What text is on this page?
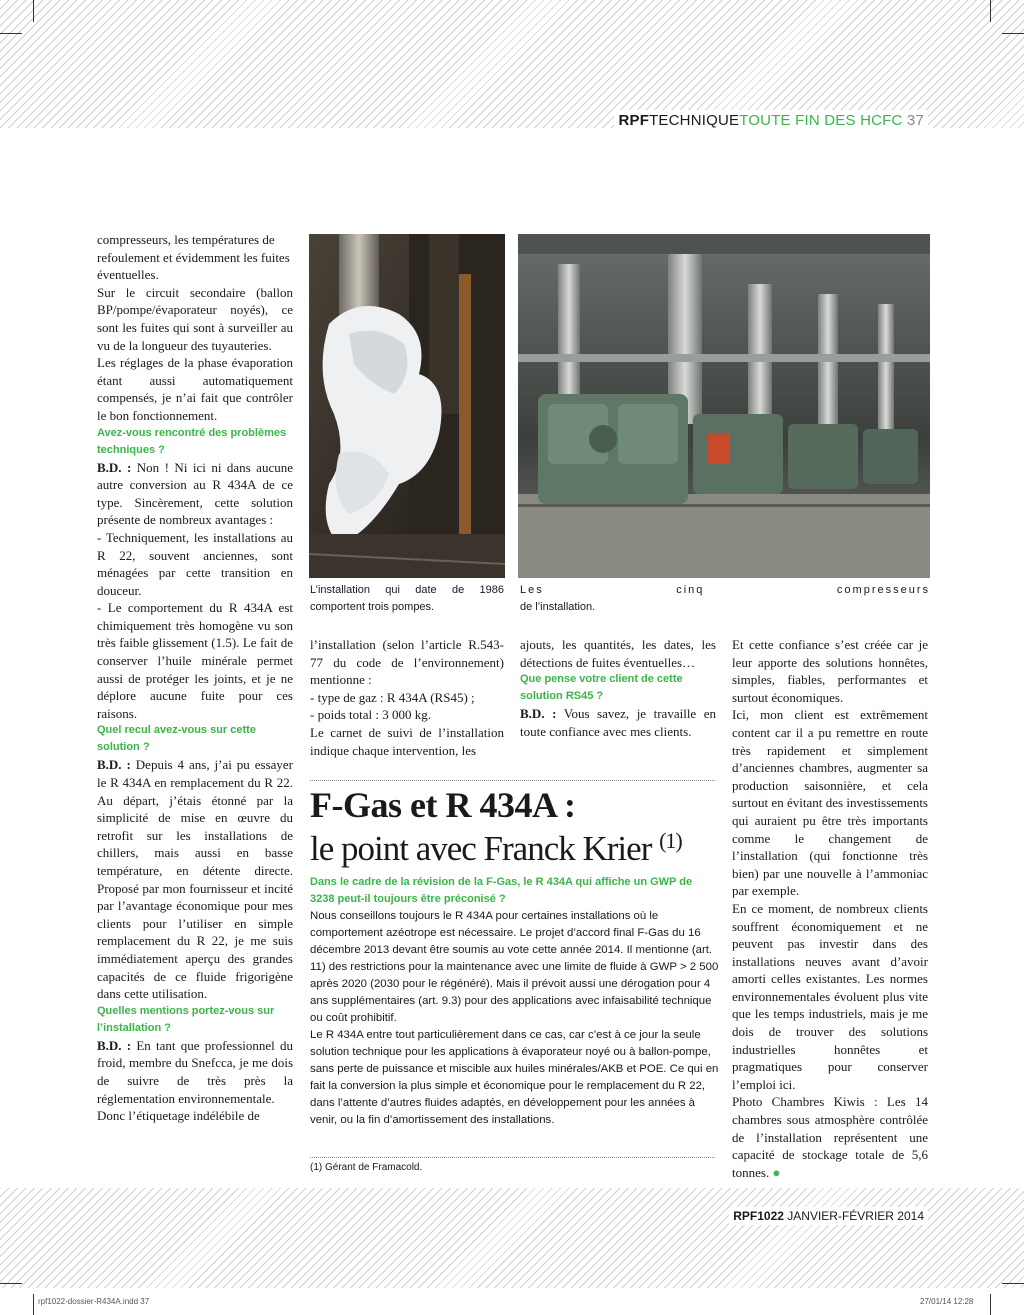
RPFTECHNIQUETOUTE FIN DES HCFC 37

compresseurs, les températures de refoulement et évidemment les fuites éventuelles.

Sur le circuit secondaire (ballon BP/pompe/évaporateur noyés), ce sont les fuites qui sont à surveiller au vu de la longueur des tuyauteries.

Les réglages de la phase évaporation étant aussi automatiquement compensés, je n’ai fait que contrôler le bon fonctionnement.

Avez-vous rencontré des problèmes techniques ?

B.D. : Non ! Ni ici ni dans aucune autre conversion au R 434A de ce type. Sincèrement, cette solution présente de nombreux avantages :

- Techniquement, les installations au R 22, souvent anciennes, sont ménagées par cette transition en douceur.

- Le comportement du R 434A est chimiquement très homogène vu son très faible glissement (1.5). Le fait de conserver l’huile minérale permet aussi de protéger les joints, et je ne déplore aucune fuite pour ces raisons.

Quel recul avez-vous sur cette solution ?

B.D. : Depuis 4 ans, j’ai pu essayer le R 434A en remplacement du R 22. Au départ, j’étais étonné par la simplicité de mise en œuvre du retrofit sur les installations de chillers, mais aussi en basse température, en détente directe. Proposé par mon fournisseur et incité par l’avantage économique pour mes clients pour l’utiliser en simple remplacement du R 22, je me suis immédiatement aperçu des grandes capacités de ce fluide frigorigène dans cette utilisation.

Quelles mentions portez-vous sur l’installation ?

B.D. : En tant que professionnel du froid, membre du Snefcca, je me dois de suivre de très près la réglementation environnementale.

Donc l’étiquetage indélébile de

L’installation qui date de 1986 comportent trois pompes.
Les cinq compresseurs
de l’installation.

l’installation (selon l’article R.543-77 du code de l’environnement) mentionne :

- type de gaz : R 434A (RS45) ;

- poids total : 3 000 kg.

Le carnet de suivi de l’installation indique chaque intervention, les

ajouts, les quantités, les dates, les détections de fuites éventuelles…

Que pense votre client de cette solution RS45 ?

B.D. : Vous savez, je travaille en toute confiance avec mes clients.

F-Gas et R 434A :
le point avec Franck Krier $^{(1)}$
Dans le cadre de la révision de la F-Gas, le R 434A qui affiche un GWP de 3238 peut-il toujours être préconisé ?

Nous conseillons toujours le R 434A pour certaines installations où le comportement azéotrope est nécessaire. Le projet d’accord final F-Gas du 16 décembre 2013 devant être soumis au vote cette année 2014. Il mentionne (art. 11) des restrictions pour la maintenance avec une limite de fluide à GWP > 2 500 après 2020 (2030 pour le régénéré). Mais il prévoit aussi une dérogation pour 4 ans supplémentaires (art. 9.3) pour des applications avec infaisabilité technique ou coût prohibitif.

Le R 434A entre tout particulièrement dans ce cas, car c’est à ce jour la seule solution technique pour les applications à évaporateur noyé ou à ballon-pompe, sans perte de puissance et miscible aux huiles minérales/AKB et POE. Ce qui en fait la conversion la plus simple et économique pour le remplacement du R 22, dans l’attente d’autres fluides adaptés, en développement pour les années à venir, ou la fin d’amortissement des installations.

(1) Gérant de Framacold.

Et cette confiance s’est créée car je leur apporte des solutions honnêtes, simples, fiables, performantes et surtout économiques.

Ici, mon client est extrêmement content car il a pu remettre en route très rapidement et simplement d’anciennes chambres, augmenter sa production saisonnière, et cela surtout en évitant des investissements qui auraient pu être très importants comme le changement de l’installation (qui fonctionne très bien) par une nouvelle à l’ammoniac par exemple.

En ce moment, de nombreux clients souffrent économiquement et ne peuvent pas investir dans des installations neuves avant d’avoir amorti celles existantes. Les normes environnementales évoluent plus vite que les temps industriels, mais je me dois de trouver des solutions industrielles honnêtes et pragmatiques pour conserver l’emploi ici.

Photo Chambres Kiwis : Les 14 chambres sous atmosphère contrôlée de l’installation représentent une capacité de stockage totale de 5,6 tonnes. ●

RPF1022 JANVIER-FÉVRIER 2014
rpf1022-dossier-R434A.indd 37	27/01/14 12:28
